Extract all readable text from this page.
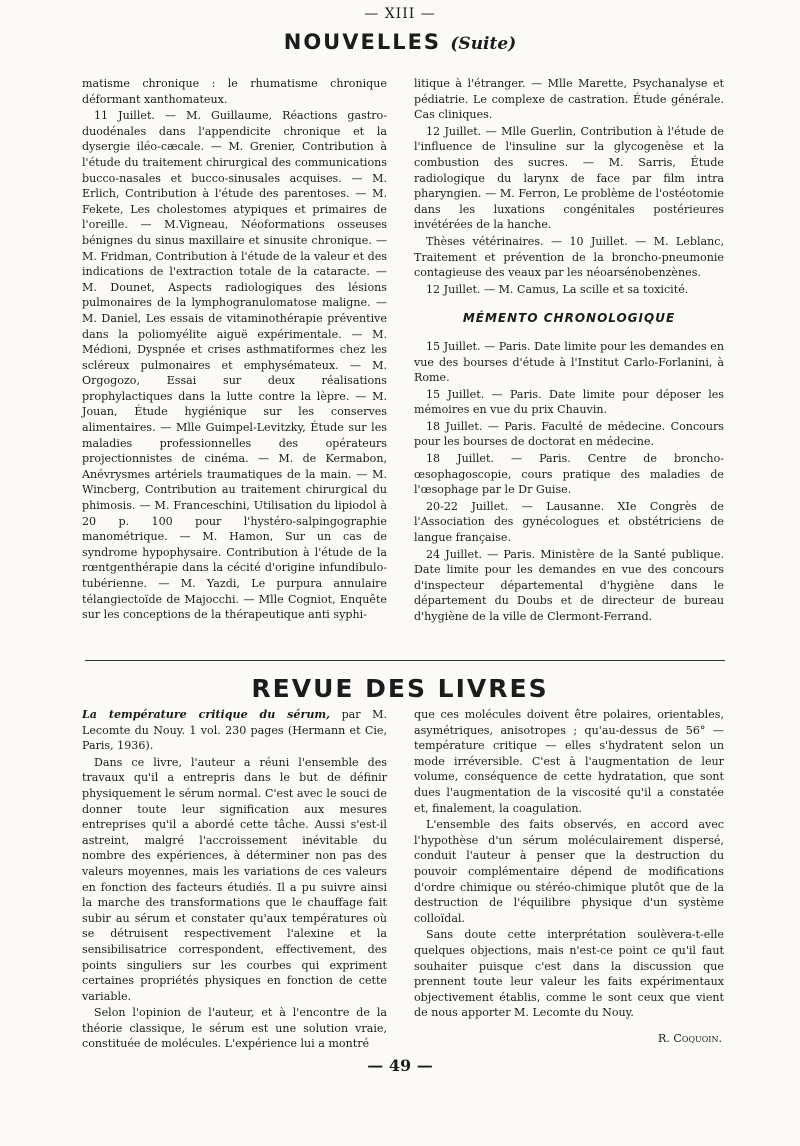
— XIII —
NOUVELLES (Suite)

matisme chronique : le rhumatisme chronique déformant xanthomateux.

11 Juillet. — M. Guillaume, Réactions gastro-duodénales dans l'appendicite chronique et la dysergie iléo-cæcale. — M. Grenier, Contribution à l'étude du traitement chirurgical des communications bucco-nasales et bucco-sinusales acquises. — M. Erlich, Contribution à l'étude des parentoses. — M. Fekete, Les cholestomes atypiques et primaires de l'oreille. — M.Vigneau, Néoformations osseuses bénignes du sinus maxillaire et sinusite chronique. — M. Fridman, Contribution à l'étude de la valeur et des indications de l'extraction totale de la cataracte. — M. Dounet, Aspects radiologiques des lésions pulmonaires de la lymphogranulomatose maligne. — M. Daniel, Les essais de vitaminothérapie préventive dans la poliomyélite aiguë expérimentale. — M. Médioni, Dyspnée et crises asthmatiformes chez les scléreux pulmonaires et emphysémateux. — M. Orgogozo, Essai sur deux réalisations prophylactiques dans la lutte contre la lèpre. — M. Jouan, Étude hygiénique sur les conserves alimentaires. — Mlle Guimpel-Levitzky, Étude sur les maladies professionnelles des opérateurs projectionnistes de cinéma. — M. de Kermabon, Anévrysmes artériels traumatiques de la main. — M. Wincberg, Contribution au traitement chirurgical du phimosis. — M. Franceschini, Utilisation du lipiodol à 20 p. 100 pour l'hystéro-salpingographie manométrique. — M. Hamon, Sur un cas de syndrome hypophysaire. Contribution à l'étude de la rœntgenthérapie dans la cécité d'origine infundibulo-tubérienne. — M. Yazdi, Le purpura annulaire télangiectoïde de Majocchi. — Mlle Cogniot, Enquête sur les conceptions de la thérapeutique anti syphi-

litique à l'étranger. — Mlle Marette, Psychanalyse et pédiatrie. Le complexe de castration. Étude générale. Cas cliniques.

12 Juillet. — Mlle Guerlin, Contribution à l'étude de l'influence de l'insuline sur la glycogenèse et la combustion des sucres. — M. Sarris, Étude radiologique du larynx de face par film intra pharyngien. — M. Ferron, Le problème de l'ostéotomie dans les luxations congénitales postérieures invétérées de la hanche.

Thèses vétérinaires. — 10 Juillet. — M. Leblanc, Traitement et prévention de la broncho-pneumonie contagieuse des veaux par les néoarsénobenzènes.

12 Juillet. — M. Camus, La scille et sa toxicité.

MÉMENTO CHRONOLOGIQUE

15 Juillet. — Paris. Date limite pour les demandes en vue des bourses d'étude à l'Institut Carlo-Forlanini, à Rome.

15 Juillet. — Paris. Date limite pour déposer les mémoires en vue du prix Chauvin.

18 Juillet. — Paris. Faculté de médecine. Concours pour les bourses de doctorat en médecine.

18 Juillet. — Paris. Centre de broncho-œsophagoscopie, cours pratique des maladies de l'œsophage par le Dr Guise.

20-22 Juillet. — Lausanne. XIe Congrès de l'Association des gynécologues et obstétriciens de langue française.

24 Juillet. — Paris. Ministère de la Santé publique. Date limite pour les demandes en vue des concours d'inspecteur départemental d'hygiène dans le département du Doubs et de directeur de bureau d'hygiène de la ville de Clermont-Ferrand.

REVUE DES LIVRES

La température critique du sérum, par M. Lecomte du Nouy. 1 vol. 230 pages (Hermann et Cie, Paris, 1936).

Dans ce livre, l'auteur a réuni l'ensemble des travaux qu'il a entrepris dans le but de définir physiquement le sérum normal. C'est avec le souci de donner toute leur signification aux mesures entreprises qu'il a abordé cette tâche. Aussi s'est-il astreint, malgré l'accroissement inévitable du nombre des expériences, à déterminer non pas des valeurs moyennes, mais les variations de ces valeurs en fonction des facteurs étudiés. Il a pu suivre ainsi la marche des transformations que le chauffage fait subir au sérum et constater qu'aux températures où se détruisent respectivement l'alexine et la sensibilisatrice correspondent, effectivement, des points singuliers sur les courbes qui expriment certaines propriétés physiques en fonction de cette variable.

Selon l'opinion de l'auteur, et à l'encontre de la théorie classique, le sérum est une solution vraie, constituée de molécules. L'expérience lui a montré

que ces molécules doivent être polaires, orientables, asymétriques, anisotropes ; qu'au-dessus de 56° — température critique — elles s'hydratent selon un mode irréversible. C'est à l'augmentation de leur volume, conséquence de cette hydratation, que sont dues l'augmentation de la viscosité qu'il a constatée et, finalement, la coagulation.

L'ensemble des faits observés, en accord avec l'hypothèse d'un sérum moléculairement dispersé, conduit l'auteur à penser que la destruction du pouvoir complémentaire dépend de modifications d'ordre chimique ou stéréo-chimique plutôt que de la destruction de l'équilibre physique d'un système colloïdal.

Sans doute cette interprétation soulèvera-t-elle quelques objections, mais n'est-ce point ce qu'il faut souhaiter puisque c'est dans la discussion que prennent toute leur valeur les faits expérimentaux objectivement établis, comme le sont ceux que vient de nous apporter M. Lecomte du Nouy.

R. Coquoin.
— 49 —
